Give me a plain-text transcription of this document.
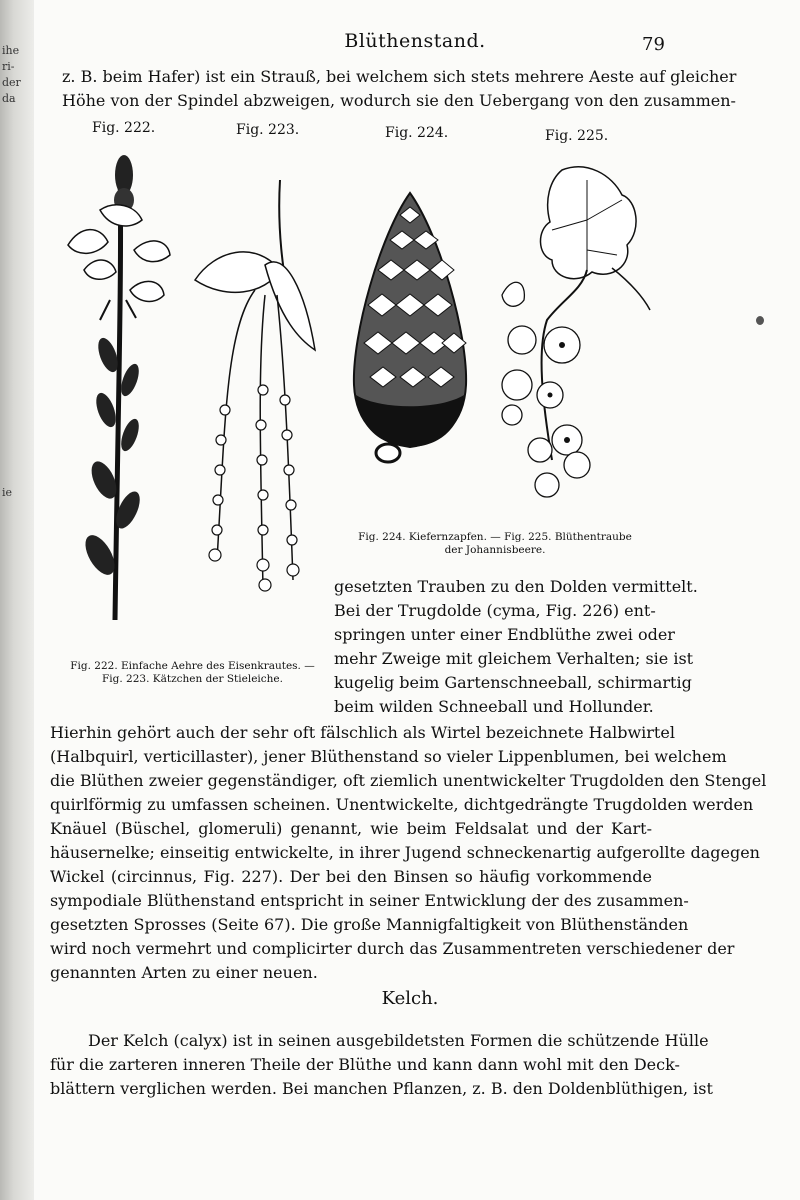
ihe
ri-
der
da
ie
Blüthenstand.	79
z. B. beim Hafer) ist ein Strauß, bei welchem sich stets mehrere Aeste auf gleicher
Höhe von der Spindel abzweigen, wodurch sie den Uebergang von den zusammen-
Fig. 222.	Fig. 223.	Fig. 224.	Fig. 225.
Fig. 224. Kiefernzapfen. — Fig. 225. Blüthentraube
der Johannisbeere.
gesetzten Trauben zu den Dolden vermittelt.
Bei der Trugdolde (cyma, Fig. 226) ent-
springen unter einer Endblüthe zwei oder
mehr Zweige mit gleichem Verhalten; sie ist
kugelig beim Gartenschneeball, schirmartig
beim wilden Schneeball und Hollunder.
Fig. 222. Einfache Aehre des Eisenkrautes. —
Fig. 223. Kätzchen der Stieleiche.
Hierhin gehört auch der sehr oft fälschlich als Wirtel bezeichnete Halbwirtel
(Halbquirl, verticillaster), jener Blüthenstand so vieler Lippenblumen, bei welchem
die Blüthen zweier gegenständiger, oft ziemlich unentwickelter Trugdolden den Stengel
quirlförmig zu umfassen scheinen. Unentwickelte, dichtgedrängte Trugdolden werden
Knäuel (Büschel, glomeruli) genannt, wie beim Feldsalat und der Kart-
häusernelke; einseitig entwickelte, in ihrer Jugend schneckenartig aufgerollte dagegen
Wickel (circinnus, Fig. 227). Der bei den Binsen so häufig vorkommende
sympodiale Blüthenstand entspricht in seiner Entwicklung der des zusammen-
gesetzten Sprosses (Seite 67). Die große Mannigfaltigkeit von Blüthenständen
wird noch vermehrt und complicirter durch das Zusammentreten verschiedener der
genannten Arten zu einer neuen.
Kelch.
Der Kelch (calyx) ist in seinen ausgebildetsten Formen die schützende Hülle
für die zarteren inneren Theile der Blüthe und kann dann wohl mit den Deck-
blättern verglichen werden. Bei manchen Pflanzen, z. B. den Doldenblüthigen, ist
